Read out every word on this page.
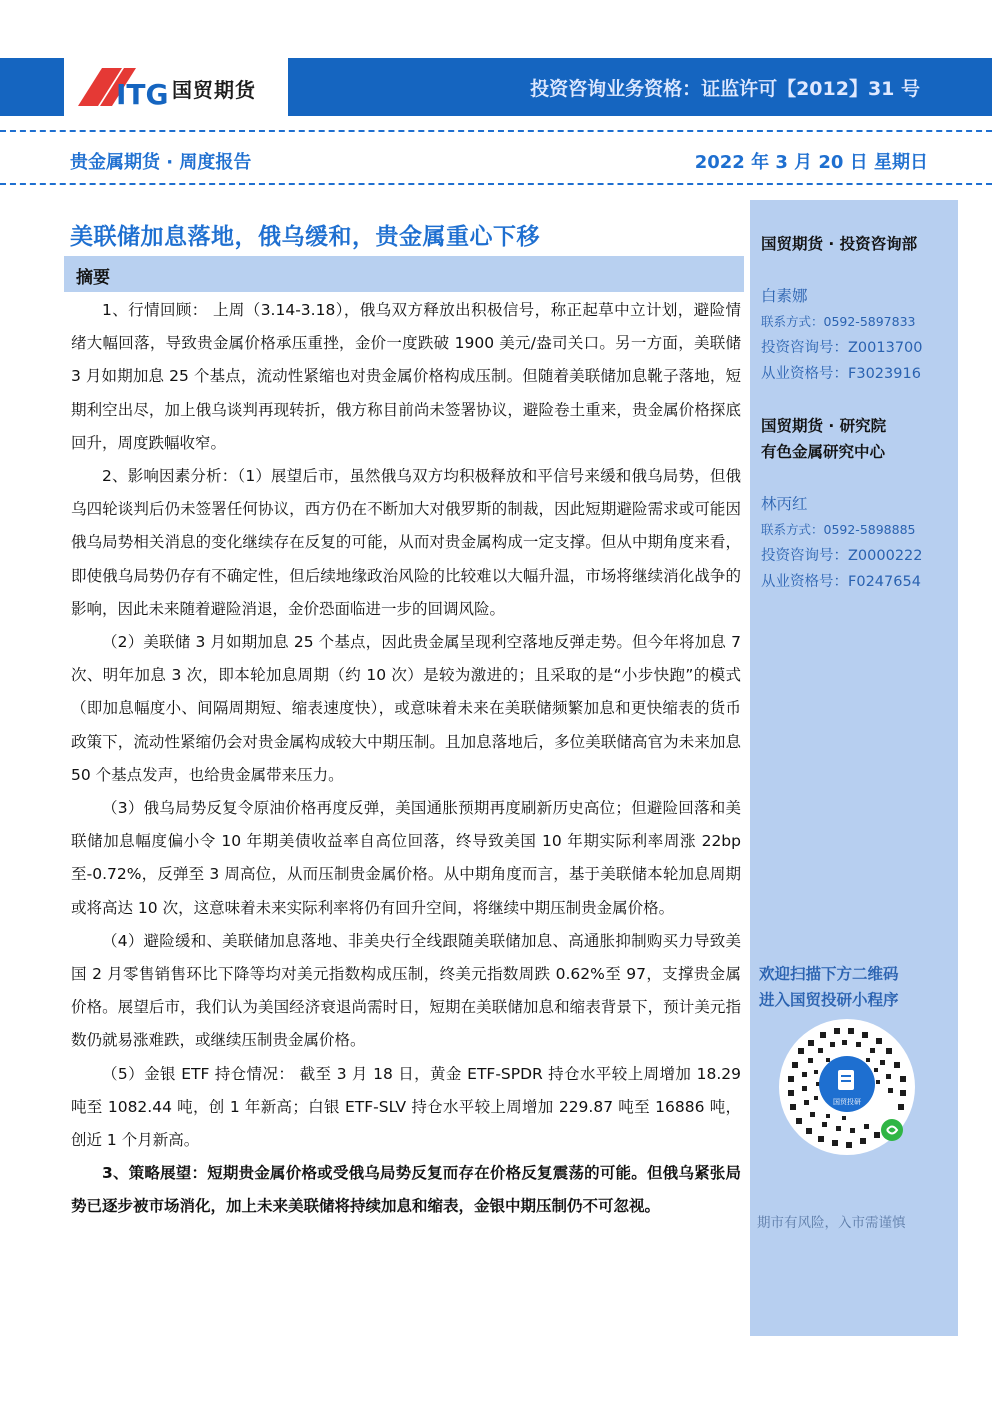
ITG 国贸期货	投资咨询业务资格：证监许可【2012】31 号
贵金属期货 · 周度报告	2022 年 3 月 20 日 星期日
美联储加息落地，俄乌缓和，贵金属重心下移
摘要

1、行情回顾： 上周（3.14-3.18），俄乌双方释放出积极信号，称正起草中立计划，避险情绪大幅回落，导致贵金属价格承压重挫，金价一度跌破 1900 美元/盎司关口。另一方面，美联储 3 月如期加息 25 个基点，流动性紧缩也对贵金属价格构成压制。但随着美联储加息靴子落地，短期利空出尽，加上俄乌谈判再现转折，俄方称目前尚未签署协议，避险卷土重来，贵金属价格探底回升，周度跌幅收窄。

2、影响因素分析：（1）展望后市，虽然俄乌双方均积极释放和平信号来缓和俄乌局势，但俄乌四轮谈判后仍未签署任何协议，西方仍在不断加大对俄罗斯的制裁，因此短期避险需求或可能因俄乌局势相关消息的变化继续存在反复的可能，从而对贵金属构成一定支撑。但从中期角度来看，即使俄乌局势仍存有不确定性，但后续地缘政治风险的比较难以大幅升温，市场将继续消化战争的影响，因此未来随着避险消退，金价恐面临进一步的回调风险。

（2）美联储 3 月如期加息 25 个基点，因此贵金属呈现利空落地反弹走势。但今年将加息 7 次、明年加息 3 次，即本轮加息周期（约 10 次）是较为激进的；且采取的是“小步快跑”的模式（即加息幅度小、间隔周期短、缩表速度快），或意味着未来在美联储频繁加息和更快缩表的货币政策下，流动性紧缩仍会对贵金属构成较大中期压制。且加息落地后，多位美联储高官为未来加息 50 个基点发声，也给贵金属带来压力。

（3）俄乌局势反复令原油价格再度反弹，美国通胀预期再度刷新历史高位；但避险回落和美联储加息幅度偏小令 10 年期美债收益率自高位回落，终导致美国 10 年期实际利率周涨 22bp 至-0.72%，反弹至 3 周高位，从而压制贵金属价格。从中期角度而言，基于美联储本轮加息周期或将高达 10 次，这意味着未来实际利率将仍有回升空间，将继续中期压制贵金属价格。

（4）避险缓和、美联储加息落地、非美央行全线跟随美联储加息、高通胀抑制购买力导致美国 2 月零售销售环比下降等均对美元指数构成压制，终美元指数周跌 0.62%至 97，支撑贵金属价格。展望后市，我们认为美国经济衰退尚需时日，短期在美联储加息和缩表背景下，预计美元指数仍就易涨难跌，或继续压制贵金属价格。

（5）金银 ETF 持仓情况： 截至 3 月 18 日，黄金 ETF-SPDR 持仓水平较上周增加 18.29 吨至 1082.44 吨，创 1 年新高；白银 ETF-SLV 持仓水平较上周增加 229.87 吨至 16886 吨，创近 1 个月新高。

3、策略展望：短期贵金属价格或受俄乌局势反复而存在价格反复震荡的可能。但俄乌紧张局势已逐步被市场消化，加上未来美联储将持续加息和缩表，金银中期压制仍不可忽视。

国贸期货 · 投资咨询部
白素娜
联系方式：0592-5897833
投资咨询号：Z0013700
从业资格号：F3023916
国贸期货 · 研究院
有色金属研究中心
林丙红
联系方式：0592-5898885
投资咨询号：Z0000222
从业资格号：F0247654
欢迎扫描下方二维码
进入国贸投研小程序
国贸投研
期市有风险，入市需谨慎
